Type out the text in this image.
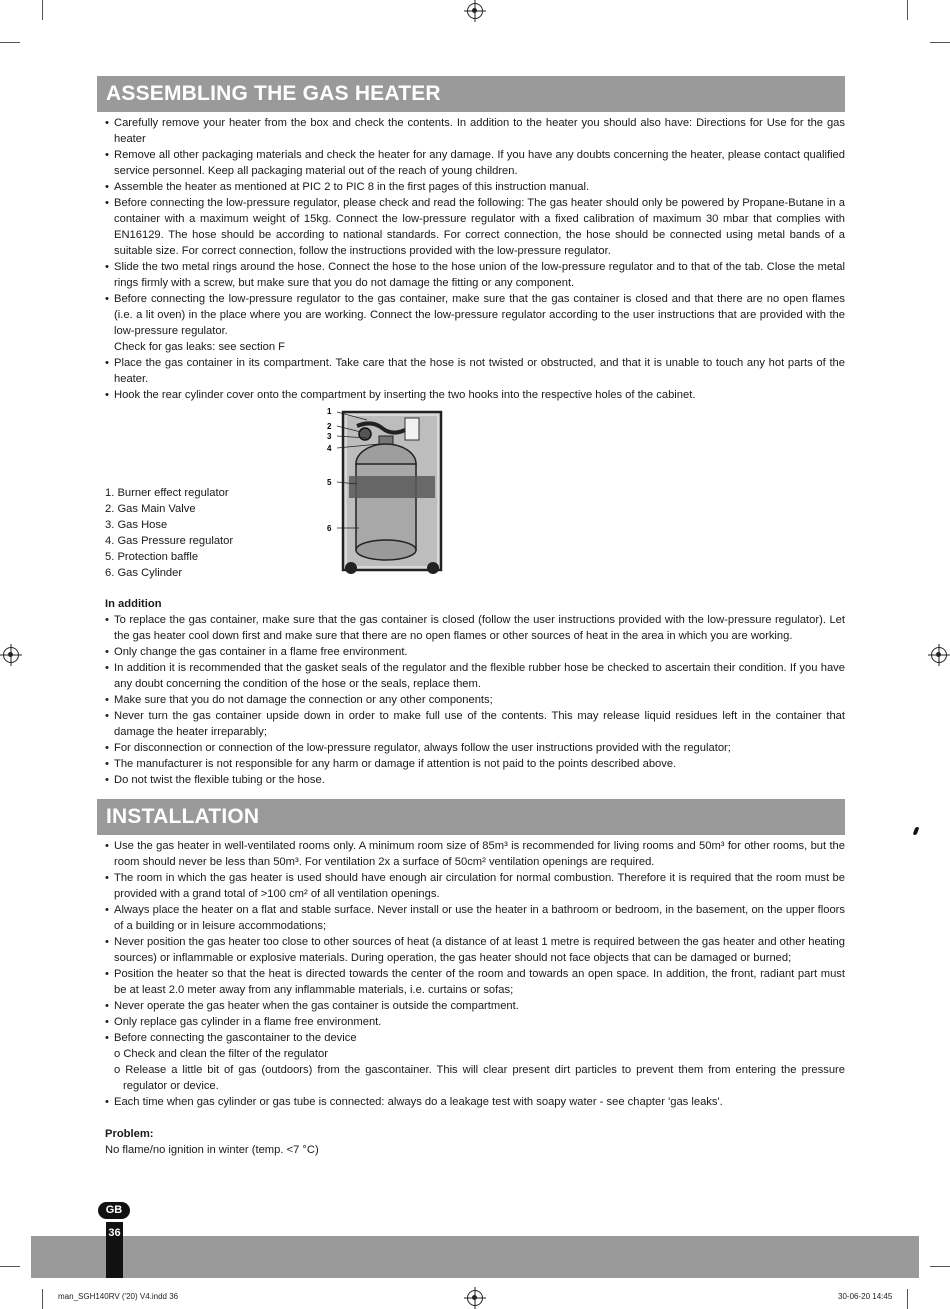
ASSEMBLING THE GAS HEATER
• Carefully remove your heater from the box and check the contents. In addition to the heater you should also have: Directions for Use for the gas heater
• Remove all other packaging materials and check the heater for any damage. If you have any doubts concerning the heater, please contact qualified service personnel. Keep all packaging material out of the reach of young children.
• Assemble the heater as mentioned at PIC 2 to PIC 8 in the first pages of this instruction manual.
• Before connecting the low-pressure regulator, please check and read the following: The gas heater should only be powered by Propane-Butane in a container with a maximum weight of 15kg. Connect the low-pressure regulator with a fixed calibration of maximum 30 mbar that complies with EN16129. The hose should be according to national standards. For correct connection, the hose should be connected using metal bands of a suitable size. For correct connection, follow the instructions provided with the low-pressure regulator.
• Slide the two metal rings around the hose. Connect the hose to the hose union of the low-pressure regulator and to that of the tab. Close the metal rings firmly with a screw, but make sure that you do not damage the fitting or any component.
• Before connecting the low-pressure regulator to the gas container, make sure that the gas container is closed and that there are no open flames (i.e. a lit oven) in the place where you are working. Connect the low-pressure regulator according to the user instructions that are provided with the low-pressure regulator.
Check for gas leaks: see section F
• Place the gas container in its compartment. Take care that the hose is not twisted or obstructed, and that it is unable to touch any hot parts of the heater.
• Hook the rear cylinder cover onto the compartment by inserting the two hooks into the respective holes of the cabinet.
1. Burner effect regulator
2. Gas Main Valve
3. Gas Hose
4. Gas Pressure regulator
5. Protection baffle
6. Gas Cylinder
1
2
3
4
5
6
In addition
• To replace the gas container, make sure that the gas container is closed (follow the user instructions provided with the low-pressure regulator). Let the gas heater cool down first and make sure that there are no open flames or other sources of heat in the area in which you are working.
• Only change the gas container in a flame free environment.
• In addition it is recommended that the gasket seals of the regulator and the flexible rubber hose be checked to ascertain their condition. If you have any doubt concerning the condition of the hose or the seals, replace them.
• Make sure that you do not damage the connection or any other components;
• Never turn the gas container upside down in order to make full use of the contents. This may release liquid residues left in the container that damage the heater irreparably;
• For disconnection or connection of the low-pressure regulator, always follow the user instructions provided with the regulator;
• The manufacturer is not responsible for any harm or damage if attention is not paid to the points described above.
• Do not twist the flexible tubing or the hose.
INSTALLATION
• Use the gas heater in well-ventilated rooms only. A minimum room size of 85m³ is recommended for living rooms and 50m³ for other rooms, but the room should never be less than 50m³. For ventilation 2x a surface of 50cm² ventilation openings are required.
• The room in which the gas heater is used should have enough air circulation for normal combustion. Therefore it is required that the room must be provided with a grand total of >100 cm² of all ventilation openings.
• Always place the heater on a flat and stable surface. Never install or use the heater in a bathroom or bedroom, in the basement, on the upper floors of a building or in leisure accommodations;
• Never position the gas heater too close to other sources of heat (a distance of at least 1 metre is required between the gas heater and other heating sources) or inflammable or explosive materials. During operation, the gas heater should not face objects that can be damaged or burned;
• Position the heater so that the heat is directed towards the center of the room and towards an open space. In addition, the front, radiant part must be at least 2.0 meter away from any inflammable materials, i.e. curtains or sofas;
• Never operate the gas heater when the gas container is outside the compartment.
• Only replace gas cylinder in a flame free environment.
• Before connecting the gascontainer to the device
o Check and clean the filter of the regulator
o Release a little bit of gas (outdoors) from the gascontainer. This will clear present dirt particles to prevent them from entering the pressure regulator or device.
• Each time when gas cylinder or gas tube is connected: always do a leakage test with soapy water - see chapter 'gas leaks'.
Problem:
No flame/no ignition in winter (temp. <7 °C)
GB
36
man_SGH140RV ('20) V4.indd 36	30-06-20 14:45
